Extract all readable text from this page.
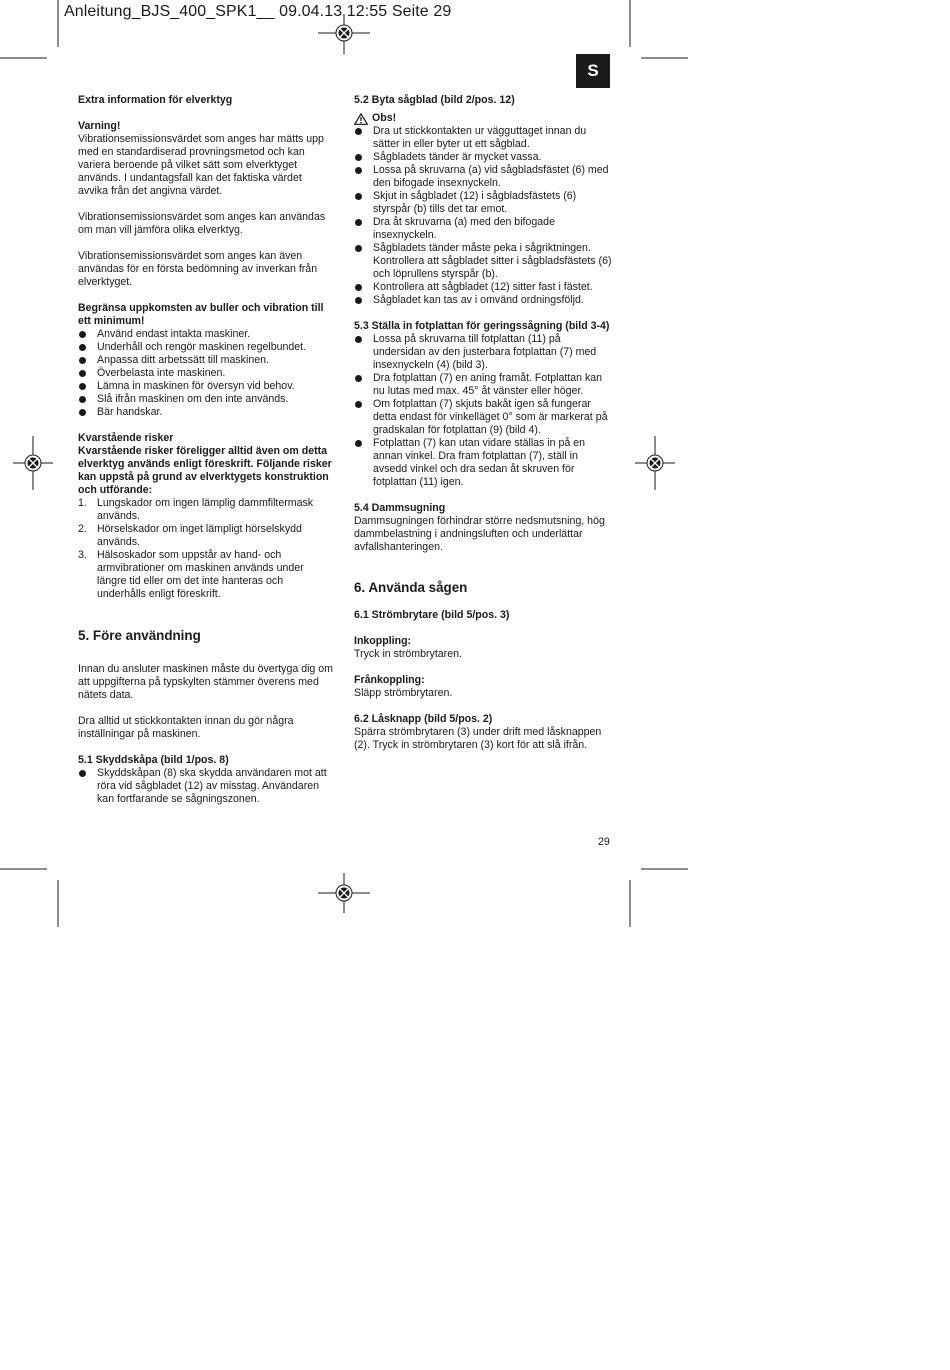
Anleitung_BJS_400_SPK1__ 09.04.13 12:55 Seite 29
S

Extra information för elverktyg

Varning!

Vibrationsemissionsvärdet som anges har mätts upp med en standardiserad provningsmetod och kan variera beroende på vilket sätt som elverktyget används. I undantagsfall kan det faktiska värdet avvika från det angivna värdet.

Vibrationsemissionsvärdet som anges kan användas om man vill jämföra olika elverktyg.

Vibrationsemissionsvärdet som anges kan även användas för en första bedömning av inverkan från elverktyget.

Begränsa uppkomsten av buller och vibration till ett minimum!

Använd endast intakta maskiner.
Underhåll och rengör maskinen regelbundet.
Anpassa ditt arbetssätt till maskinen.
Överbelasta inte maskinen.
Lämna in maskinen för översyn vid behov.
Slå ifrån maskinen om den inte används.
Bär handskar.

Kvarstående risker

Kvarstående risker föreligger alltid även om detta elverktyg används enligt föreskrift. Följande risker kan uppstå på grund av elverktygets konstruktion och utförande:

1. Lungskador om ingen lämplig dammfiltermask används.
2. Hörselskador om inget lämpligt hörselskydd används.
3. Hälsoskador som uppstår av hand- och armvibrationer om maskinen används under längre tid eller om det inte hanteras och underhålls enligt föreskrift.

5. Före användning

Innan du ansluter maskinen måste du övertyga dig om att uppgifterna på typskylten stämmer överens med nätets data.

Dra alltid ut stickkontakten innan du gör några inställningar på maskinen.

5.1 Skyddskåpa (bild 1/pos. 8)

Skyddskåpan (8) ska skydda användaren mot att röra vid sågbladet (12) av misstag. Användaren kan fortfarande se sågningszonen.

5.2 Byta sågblad (bild 2/pos. 12)

Obs!

Dra ut stickkontakten ur vägguttaget innan du sätter in eller byter ut ett sågblad.
Sågbladets tänder är mycket vassa.
Lossa på skruvarna (a) vid sågbladsfästet (6) med den bifogade insexnyckeln.
Skjut in sågbladet (12) i sågbladsfästets (6) styrspår (b) tills det tar emot.
Dra åt skruvarna (a) med den bifogade insexnyckeln.
Sågbladets tänder måste peka i sågriktningen. Kontrollera att sågbladet sitter i sågbladsfästets (6) och löprullens styrspår (b).
Kontrollera att sågbladet (12) sitter fast i fästet.
Sågbladet kan tas av i omvänd ordningsföljd.

5.3 Ställa in fotplattan för geringssågning (bild 3-4)

Lossa på skruvarna till fotplattan (11) på undersidan av den justerbara fotplattan (7) med insexnyckeln (4) (bild 3).
Dra fotplattan (7) en aning framåt. Fotplattan kan nu lutas med max. 45° åt vänster eller höger.
Om fotplattan (7) skjuts bakåt igen så fungerar detta endast för vinkelläget 0° som är markerat på gradskalan för fotplattan (9) (bild 4).
Fotplattan (7) kan utan vidare ställas in på en annan vinkel. Dra fram fotplattan (7), ställ in avsedd vinkel och dra sedan åt skruven för fotplattan (11) igen.

5.4 Dammsugning

Dammsugningen förhindrar större nedsmutsning, hög dammbelastning i andningsluften och underlättar avfallshanteringen.

6. Använda sågen

6.1 Strömbrytare (bild 5/pos. 3)

Inkoppling:

Tryck in strömbrytaren.

Frånkoppling:

Släpp strömbrytaren.

6.2 Låsknapp (bild 5/pos. 2)

Spärra strömbrytaren (3) under drift med låsknappen (2). Tryck in strömbrytaren (3) kort för att slå ifrån.

29
